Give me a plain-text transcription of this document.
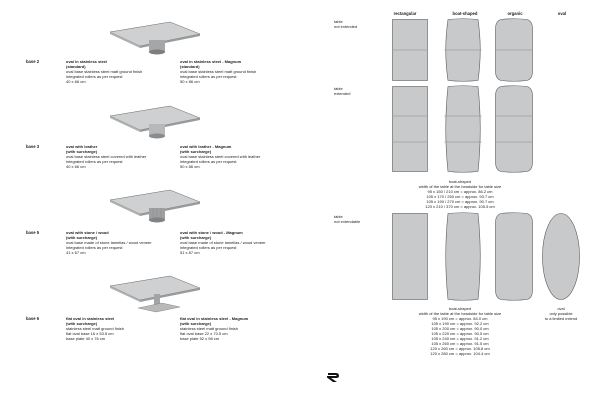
base 2	oval in stainless steel
(standard)
oval base stainless steel matt ground finish
integrated rollers as per request
40 x 66 cm
oval in stainless steel - Magnum
(standard)
oval base stainless steel matt ground finish
integrated rollers as per request
50 x 86 cm
base 3	oval with leather
(with surcharge)
oval base stainless steel covered with leather
integrated rollers as per request
40 x 66 cm
oval with leather - Magnum
(with surcharge)
oval base stainless steel covered with leather
integrated rollers as per request
50 x 86 cm
base 5	oval with stone / wood
(with surcharge)
oval base made of stone lamellas / wood veneer
integrated rollers as per request
41 x 67 cm
oval with stone / wood - Magnum
(with surcharge)
oval base made of stone lamellas / wood veneer
integrated rollers as per request
51 x 87 cm
base 6	flat oval in stainless steel
(with surcharge)
stainless steel matt ground finish
flat oval base 16 x 53.5 cm
base plate 40 x 76 cm
flat oval in stainless steel - Magnum
(with surcharge)
stainless steel matt ground finish
flat oval base 22 x 70.5 cm
base plate 52 x 98 cm
rectangular	boat-shaped	organic	oval
table
not extended
table
extended
table
not extendable
boat-shaped
width of the table at the headside for table size
95 x 150 / 210 cm = approx. 86.2 cm
105 x 170 / 250 cm = approx. 93.7 cm
105 x 190 / 270 cm = approx. 90.7 cm
120 x 210 / 370 cm = approx. 105.5 cm
boat-shaped
width of the table at the headside for table size
95 x 190 cm = approx. 84.0 cm
105 x 190 cm = approx. 92.2 cm
105 x 200 cm = approx. 90.0 cm
105 x 220 cm = approx. 90.5 cm
105 x 240 cm = approx. 91.2 cm
105 x 260 cm = approx. 91.5 cm
120 x 260 cm = approx. 105.6 cm
120 x 280 cm = approx. 104.4 cm
oval
only possible
to a limited extend
